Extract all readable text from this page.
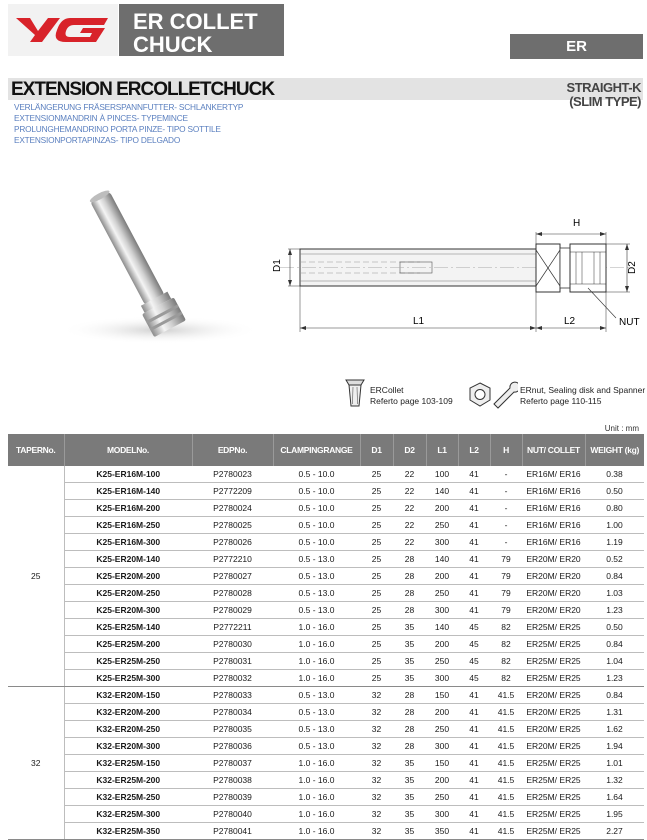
ER COLLET
CHUCK	ER
EXTENSION ERCOLLETCHUCK	STRAIGHT-K
(SLIM TYPE)
VERLÄNGERUNG FRÄSERSPANNFUTTER- SCHLANKERTYP
EXTENSIONMANDRIN À PINCES- TYPEMINCE
PROLUNGHEMANDRINO PORTA PINZE- TIPO SOTTILE
EXTENSIONPORTAPINZAS- TIPO DELGADO
H
D1	D2
L1	L2	NUT
ERCollet
Referto page 103-109
ERnut, Sealing disk and Spanner
Referto page 110-115
Unit : mm
TAPERNo.	MODELNo.	EDPNo.	CLAMPINGRANGE	D1	D2	L1	L2	H	NUT/ COLLET	WEIGHT (kg)
25	K25-ER16M-100	P2780023	0.5 - 10.0	25	22	100	41	-	ER16M/ ER16	0.38
	K25-ER16M-140	P2772209	0.5 - 10.0	25	22	140	41	-	ER16M/ ER16	0.50
	K25-ER16M-200	P2780024	0.5 - 10.0	25	22	200	41	-	ER16M/ ER16	0.80
	K25-ER16M-250	P2780025	0.5 - 10.0	25	22	250	41	-	ER16M/ ER16	1.00
	K25-ER16M-300	P2780026	0.5 - 10.0	25	22	300	41	-	ER16M/ ER16	1.19
	K25-ER20M-140	P2772210	0.5 - 13.0	25	28	140	41	79	ER20M/ ER20	0.52
	K25-ER20M-200	P2780027	0.5 - 13.0	25	28	200	41	79	ER20M/ ER20	0.84
	K25-ER20M-250	P2780028	0.5 - 13.0	25	28	250	41	79	ER20M/ ER20	1.03
	K25-ER20M-300	P2780029	0.5 - 13.0	25	28	300	41	79	ER20M/ ER20	1.23
	K25-ER25M-140	P2772211	1.0 - 16.0	25	35	140	45	82	ER25M/ ER25	0.50
	K25-ER25M-200	P2780030	1.0 - 16.0	25	35	200	45	82	ER25M/ ER25	0.84
	K25-ER25M-250	P2780031	1.0 - 16.0	25	35	250	45	82	ER25M/ ER25	1.04
	K25-ER25M-300	P2780032	1.0 - 16.0	25	35	300	45	82	ER25M/ ER25	1.23
32	K32-ER20M-150	P2780033	0.5 - 13.0	32	28	150	41	41.5	ER20M/ ER25	0.84
	K32-ER20M-200	P2780034	0.5 - 13.0	32	28	200	41	41.5	ER20M/ ER25	1.31
	K32-ER20M-250	P2780035	0.5 - 13.0	32	28	250	41	41.5	ER20M/ ER25	1.62
	K32-ER20M-300	P2780036	0.5 - 13.0	32	28	300	41	41.5	ER20M/ ER25	1.94
	K32-ER25M-150	P2780037	1.0 - 16.0	32	35	150	41	41.5	ER25M/ ER25	1.01
	K32-ER25M-200	P2780038	1.0 - 16.0	32	35	200	41	41.5	ER25M/ ER25	1.32
	K32-ER25M-250	P2780039	1.0 - 16.0	32	35	250	41	41.5	ER25M/ ER25	1.64
	K32-ER25M-300	P2780040	1.0 - 16.0	32	35	300	41	41.5	ER25M/ ER25	1.95
	K32-ER25M-350	P2780041	1.0 - 16.0	32	35	350	41	41.5	ER25M/ ER25	2.27
